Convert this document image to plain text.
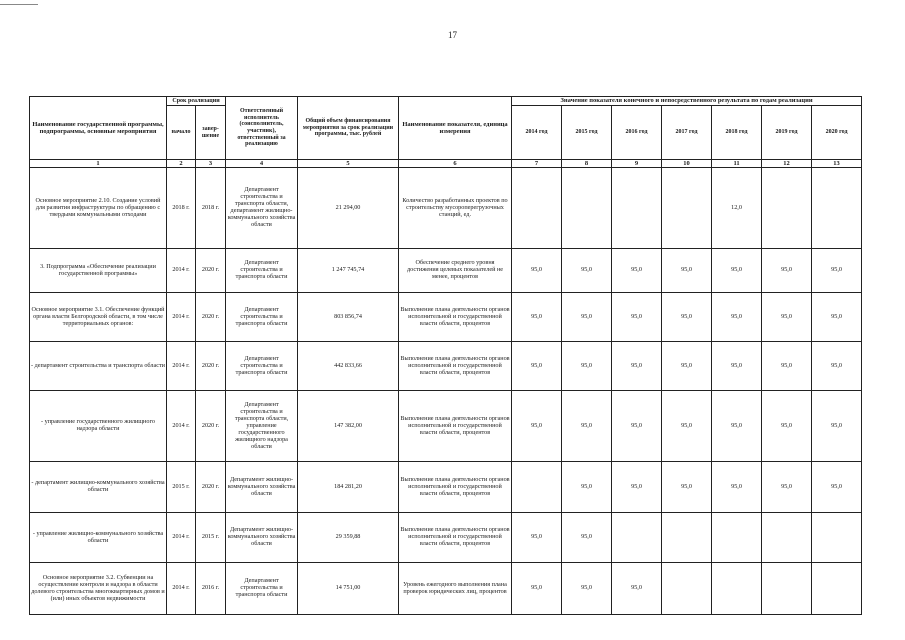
17
Наименование государственной программы, подпрограммы, основные мероприятия	Срок реализации		Ответственный исполнитель (соисполнитель, участник), ответственный за реализацию	Общий объем финансирования мероприятия за срок реализации программы, тыс. рублей	Наименование показателя, единица измерения	Значение показателя конечного и непосредственного результата по годам реализации						
	начало	завер-шение				2014 год	2015 год	2016 год	2017 год	2018 год	2019 год	2020 год
1	2	3	4	5	6	7	8	9	10	11	12	13
Основное мероприятие 2.10. Создание условий для развития инфраструктуры по обращению с твердыми коммунальными отходами	2018 г.	2018 г.	Департамент строительства и транспорта области, департамент жилищно-коммунального хозяйства области	21 294,00	Количество разработанных проектов по строительству мусороперегрузочных станций, ед.					12,0		
3. Подпрограмма «Обеспечение реализации государственной программы»	2014 г.	2020 г.	Департамент строительства и транспорта области	1 247 745,74	Обеспечение среднего уровня достижения целевых показателей не менее, процентов	95,0	95,0	95,0	95,0	95,0	95,0	95,0
Основное мероприятие 3.1. Обеспечение функций органа власти Белгородской области, в том числе территориальных органов:	2014 г.	2020 г.	Департамент строительства и транспорта области	803 856,74	Выполнение плана деятельности органов исполнительной и государственной власти области, процентов	95,0	95,0	95,0	95,0	95,0	95,0	95,0
- департамент строительства и транспорта области	2014 г.	2020 г.	Департамент строительства и транспорта области	442 833,66	Выполнение плана деятельности органов исполнительной и государственной власти области, процентов	95,0	95,0	95,0	95,0	95,0	95,0	95,0
- управление государственного жилищного надзора области	2014 г.	2020 г.	Департамент строительства и транспорта области, управление государственного жилищного надзора области	147 382,00	Выполнение плана деятельности органов исполнительной и государственной власти области, процентов	95,0	95,0	95,0	95,0	95,0	95,0	95,0
- департамент жилищно-коммунального хозяйства области	2015 г.	2020 г.	Департамент жилищно-коммунального хозяйства области	184 281,20	Выполнение плана деятельности органов исполнительной и государственной власти области, процентов		95,0	95,0	95,0	95,0	95,0	95,0
- управление жилищно-коммунального хозяйства области	2014 г.	2015 г.	Департамент жилищно-коммунального хозяйства области	29 359,88	Выполнение плана деятельности органов исполнительной и государственной власти области, процентов	95,0	95,0					
Основное мероприятие 3.2. Субвенции на осуществление контроля и надзора в области долевого строительства многоквартирных домов и (или) иных объектов недвижимости	2014 г.	2016 г.	Департамент строительства и транспорта области	14 751,00	Уровень ежегодного выполнения плана проверок юридических лиц, процентов	95,0	95,0	95,0				
